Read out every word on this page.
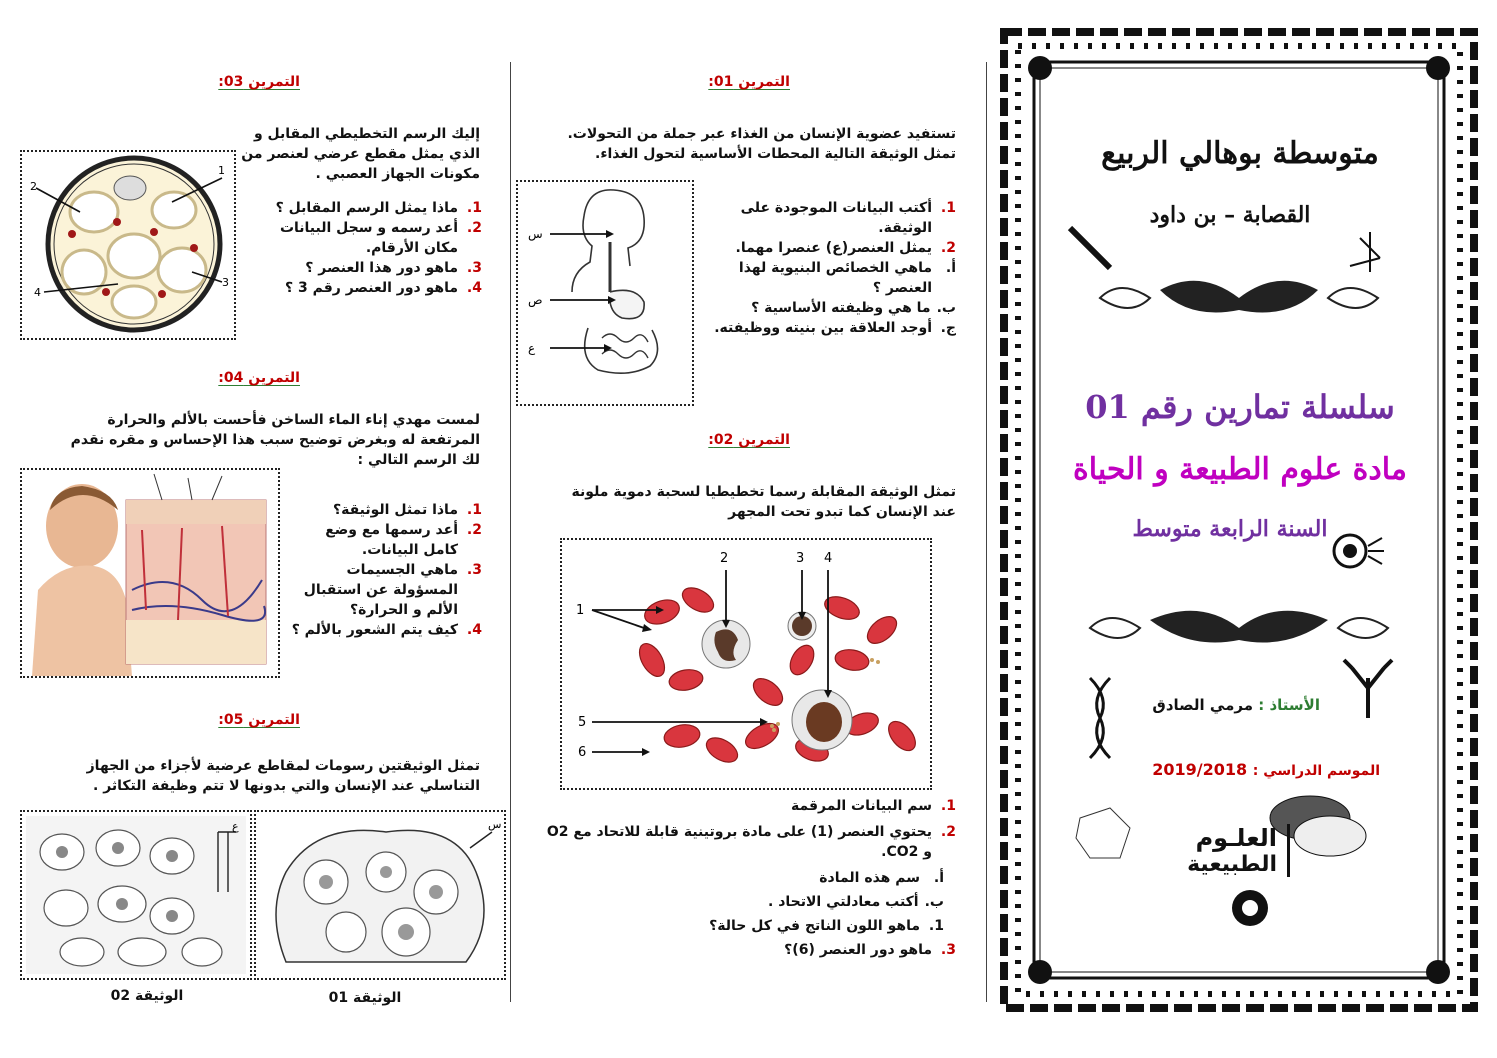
التمرين 03:
إليك الرسم التخطيطي المقابل و الذي يمثل مقطع عرضي لعنصر من مكونات الجهاز العصبي .
2
1
3
4
1.
ماذا يمثل الرسم المقابل ؟
2.
أعد رسمه و سجل البيانات مكان الأرقام.
3.
ماهو دور هذا العنصر ؟
4.
ماهو دور العنصر رقم 3 ؟
التمرين 04:
لمست مهدي إناء الماء الساخن فأحست بالألم والحرارة المرتفعة له وبغرض توضيح سبب هذا الإحساس و مقره نقدم لك الرسم التالي :
1.
ماذا تمثل الوثيقة؟
2.
أعد رسمها مع وضع كامل البيانات.
3.
ماهي الجسيمات المسؤولة عن استقبال الألم و الحرارة؟
4.
كيف يتم الشعور بالألم ؟
التمرين 05:
تمثل الوثيقتين رسومات لمقاطع عرضية لأجزاء من الجهاز التناسلي عند الإنسان والتي بدونها لا تتم وظيفة التكاثر .
ع	س
الوثيقة 02	الوثيقة 01
التمرين 01:
تستفيد عضوية الإنسان من الغذاء عبر جملة من التحولات. تمثل الوثيقة التالية المحطات الأساسية لتحول الغذاء.
س
ص
ع
1.
أكتب البيانات الموجودة على الوثيقة.
2.
يمثل العنصر(ع) عنصرا مهما.
أ.
ماهي الخصائص البنيوية لهذا العنصر ؟
ب.
ما هي وظيفته الأساسية ؟
ج.
أوجد العلاقة بين بنيته ووظيفته.
التمرين 02:
تمثل الوثيقة المقابلة رسما تخطيطيا لسحبة دموية ملونة عند الإنسان كما تبدو تحت المجهر
1
2	3 4
5
6
1.
سم البيانات المرقمة
2.
يحتوي العنصر (1) على مادة بروتينية قابلة للاتحاد مع O2 و CO2.
أ.
سم هذه المادة
ب.
أكتب معادلتي الاتحاد .
1.
ماهو اللون الناتج في كل حالة؟
3.
ماهو دور العنصر (6)؟
متوسطة بوهالي الربيع
القصابة – بن داود
سلسلة تمارين رقم 01
مادة علوم الطبيعة و الحياة
السنة الرابعة متوسط
الأستاذ : مرمي الصادق
الموسم الدراسي : 2019/2018
العلـوم
الطبيعية
